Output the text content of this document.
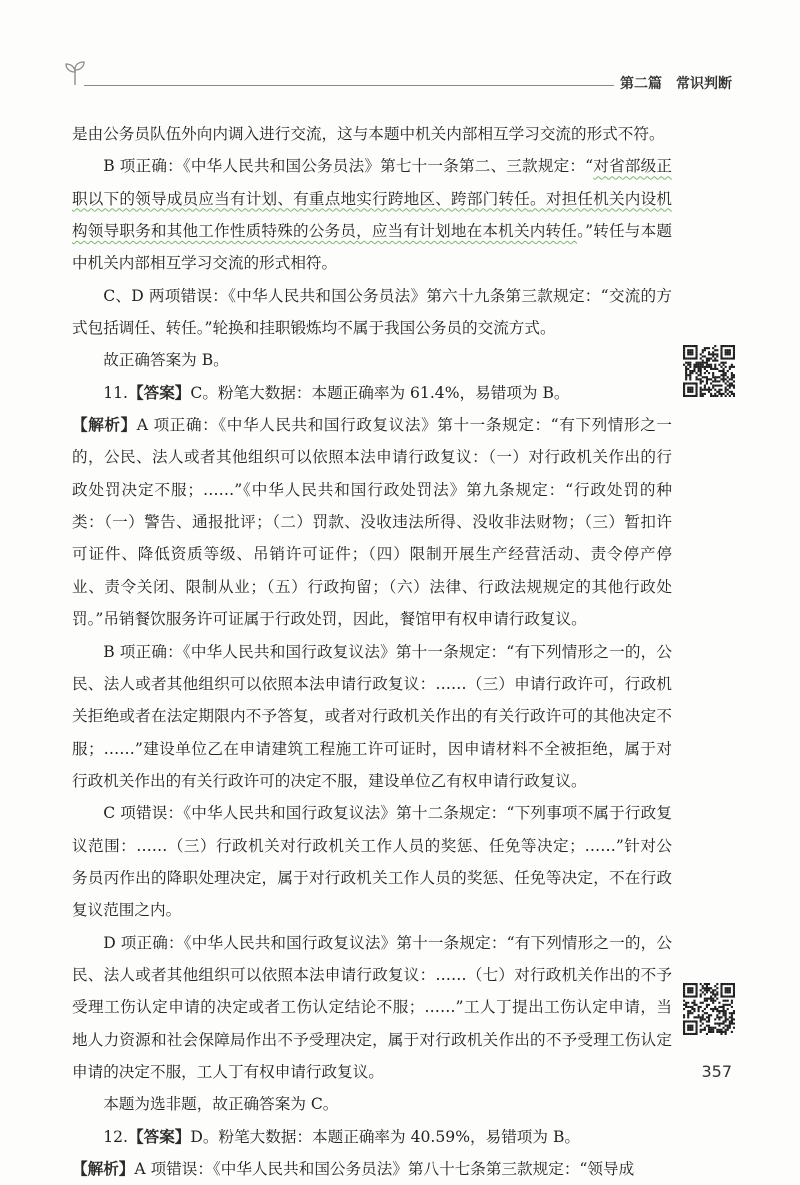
第二篇 常识判断

是由公务员队伍外向内调入进行交流，这与本题中机关内部相互学习交流的形式不符。

B 项正确：《中华人民共和国公务员法》第七十一条第二、三款规定：“对省部级正职以下的领导成员应当有计划、有重点地实行跨地区、跨部门转任。对担任机关内设机构领导职务和其他工作性质特殊的公务员，应当有计划地在本机关内转任。”转任与本题中机关内部相互学习交流的形式相符。

C、D 两项错误：《中华人民共和国公务员法》第六十九条第三款规定：“交流的方式包括调任、转任。”轮换和挂职锻炼均不属于我国公务员的交流方式。

故正确答案为 B。

11.【答案】C。粉笔大数据：本题正确率为 61.4%，易错项为 B。

【解析】A 项正确：《中华人民共和国行政复议法》第十一条规定：“有下列情形之一的，公民、法人或者其他组织可以依照本法申请行政复议：（一）对行政机关作出的行政处罚决定不服；……”《中华人民共和国行政处罚法》第九条规定：“行政处罚的种类：（一）警告、通报批评；（二）罚款、没收违法所得、没收非法财物；（三）暂扣许可证件、降低资质等级、吊销许可证件；（四）限制开展生产经营活动、责令停产停业、责令关闭、限制从业；（五）行政拘留；（六）法律、行政法规规定的其他行政处罚。”吊销餐饮服务许可证属于行政处罚，因此，餐馆甲有权申请行政复议。

B 项正确：《中华人民共和国行政复议法》第十一条规定：“有下列情形之一的，公民、法人或者其他组织可以依照本法申请行政复议：……（三）申请行政许可，行政机关拒绝或者在法定期限内不予答复，或者对行政机关作出的有关行政许可的其他决定不服；……”建设单位乙在申请建筑工程施工许可证时，因申请材料不全被拒绝，属于对行政机关作出的有关行政许可的决定不服，建设单位乙有权申请行政复议。

C 项错误：《中华人民共和国行政复议法》第十二条规定：“下列事项不属于行政复议范围：……（三）行政机关对行政机关工作人员的奖惩、任免等决定；……”针对公务员丙作出的降职处理决定，属于对行政机关工作人员的奖惩、任免等决定，不在行政复议范围之内。

D 项正确：《中华人民共和国行政复议法》第十一条规定：“有下列情形之一的，公民、法人或者其他组织可以依照本法申请行政复议：……（七）对行政机关作出的不予受理工伤认定申请的决定或者工伤认定结论不服；……”工人丁提出工伤认定申请，当地人力资源和社会保障局作出不予受理决定，属于对行政机关作出的不予受理工伤认定申请的决定不服，工人丁有权申请行政复议。

本题为选非题，故正确答案为 C。

12.【答案】D。粉笔大数据：本题正确率为 40.59%，易错项为 B。

【解析】A 项错误：《中华人民共和国公务员法》第八十七条第三款规定：“领导成

357
